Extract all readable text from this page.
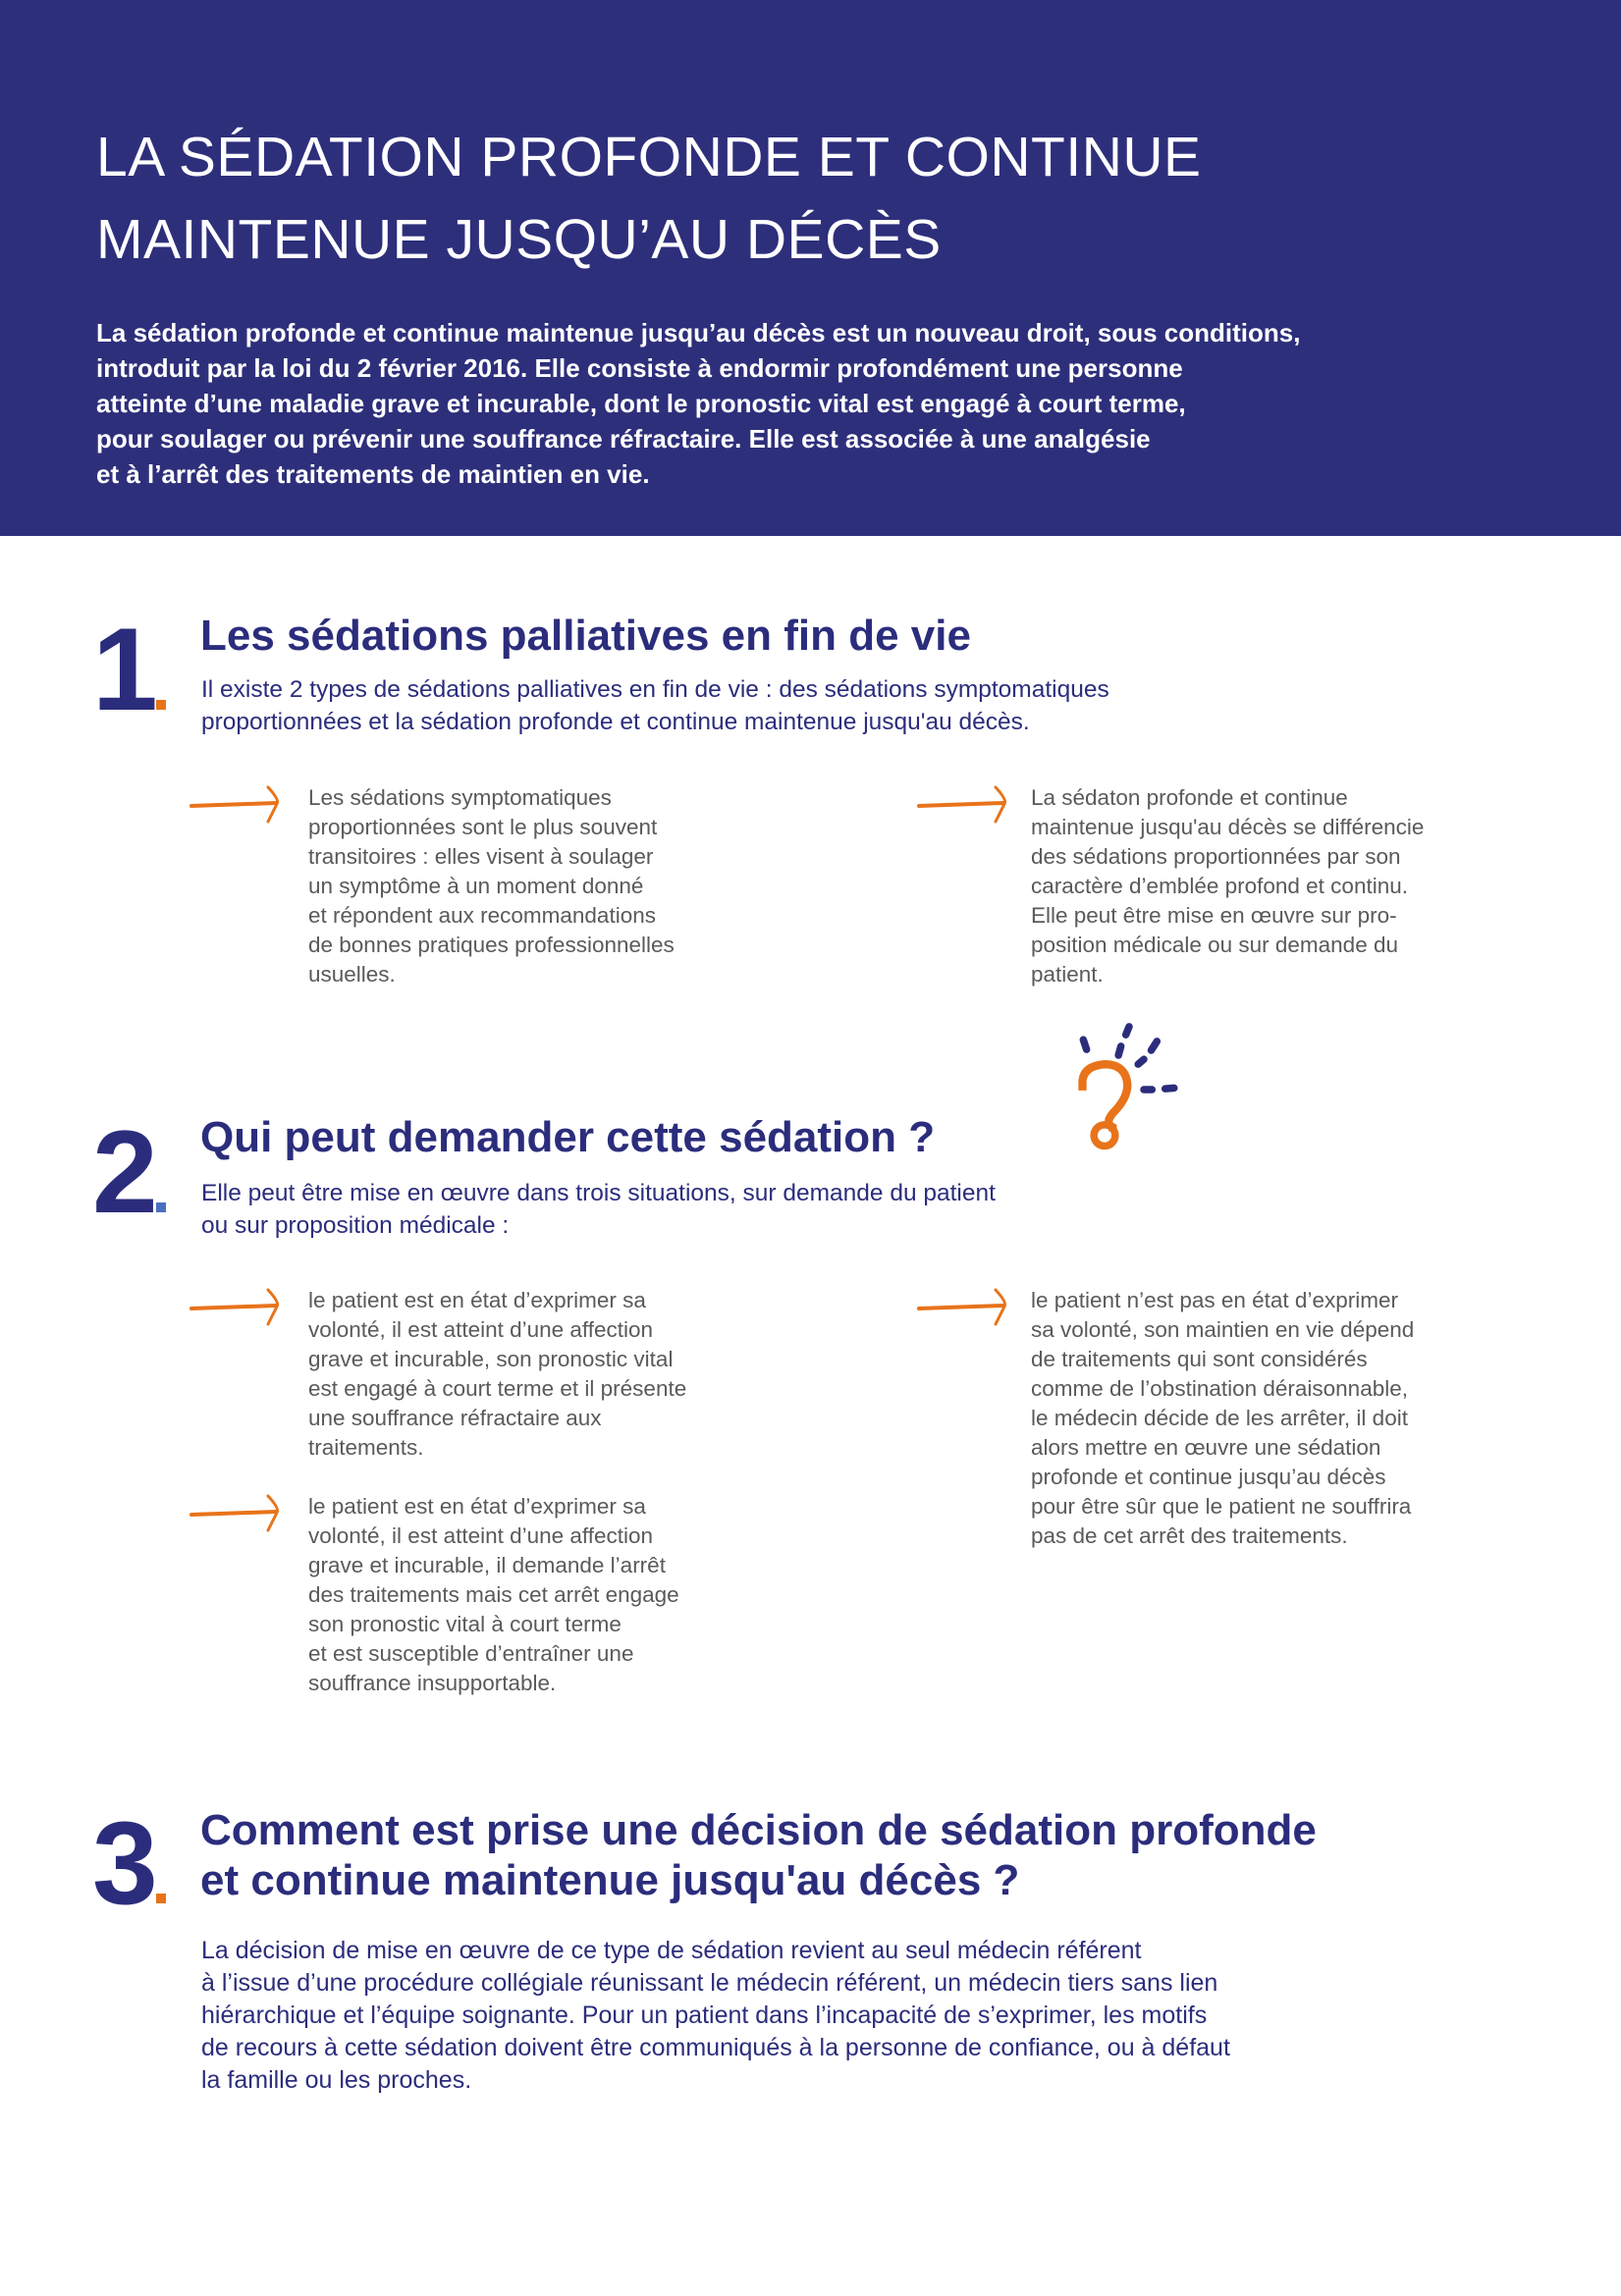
LA SÉDATION PROFONDE ET CONTINUE
MAINTENUE JUSQU’AU DÉCÈS
La sédation profonde et continue maintenue jusqu’au décès est un nouveau droit, sous conditions,
introduit par la loi du 2 février 2016. Elle consiste à endormir profondément une personne
atteinte d’une maladie grave et incurable, dont le pronostic vital est engagé à court terme,
pour soulager ou prévenir une souffrance réfractaire. Elle est associée à une analgésie
et à l’arrêt des traitements de maintien en vie.
1 Les sédations palliatives en fin de vie
Il existe 2 types de sédations palliatives en fin de vie : des sédations symptomatiques
proportionnées et la sédation profonde et continue maintenue jusqu'au décès.
Les sédations symptomatiques
proportionnées sont le plus souvent
transitoires : elles visent à soulager
un symptôme à un moment donné
et répondent aux recommandations
de bonnes pratiques professionnelles
usuelles.
La sédaton profonde et continue
maintenue jusqu'au décès se différencie
des sédations proportionnées par son
caractère d’emblée profond et continu.
Elle peut être mise en œuvre sur pro-
position médicale ou sur demande du
patient.
2 Qui peut demander cette sédation ?
Elle peut être mise en œuvre dans trois situations, sur demande du patient
ou sur proposition médicale :
le patient est en état d’exprimer sa
volonté, il est atteint d’une affection
grave et incurable, son pronostic vital
est engagé à court terme et il présente
une souffrance réfractaire aux
traitements.
le patient est en état d’exprimer sa
volonté, il est atteint d’une affection
grave et incurable, il demande l’arrêt
des traitements mais cet arrêt engage
son pronostic vital à court terme
et est susceptible d’entraîner une
souffrance insupportable.
le patient n’est pas en état d’exprimer
sa volonté, son maintien en vie dépend
de traitements qui sont considérés
comme de l’obstination déraisonnable,
le médecin décide de les arrêter, il doit
alors mettre en œuvre une sédation
profonde et continue jusqu’au décès
pour être sûr que le patient ne souffrira
pas de cet arrêt des traitements.
3 Comment est prise une décision de sédation profonde
et continue maintenue jusqu'au décès ?
La décision de mise en œuvre de ce type de sédation revient au seul médecin référent
à l’issue d’une procédure collégiale réunissant le médecin référent, un médecin tiers sans lien
hiérarchique et l’équipe soignante. Pour un patient dans l’incapacité de s’exprimer, les motifs
de recours à cette sédation doivent être communiqués à la personne de confiance, ou à défaut
la famille ou les proches.
